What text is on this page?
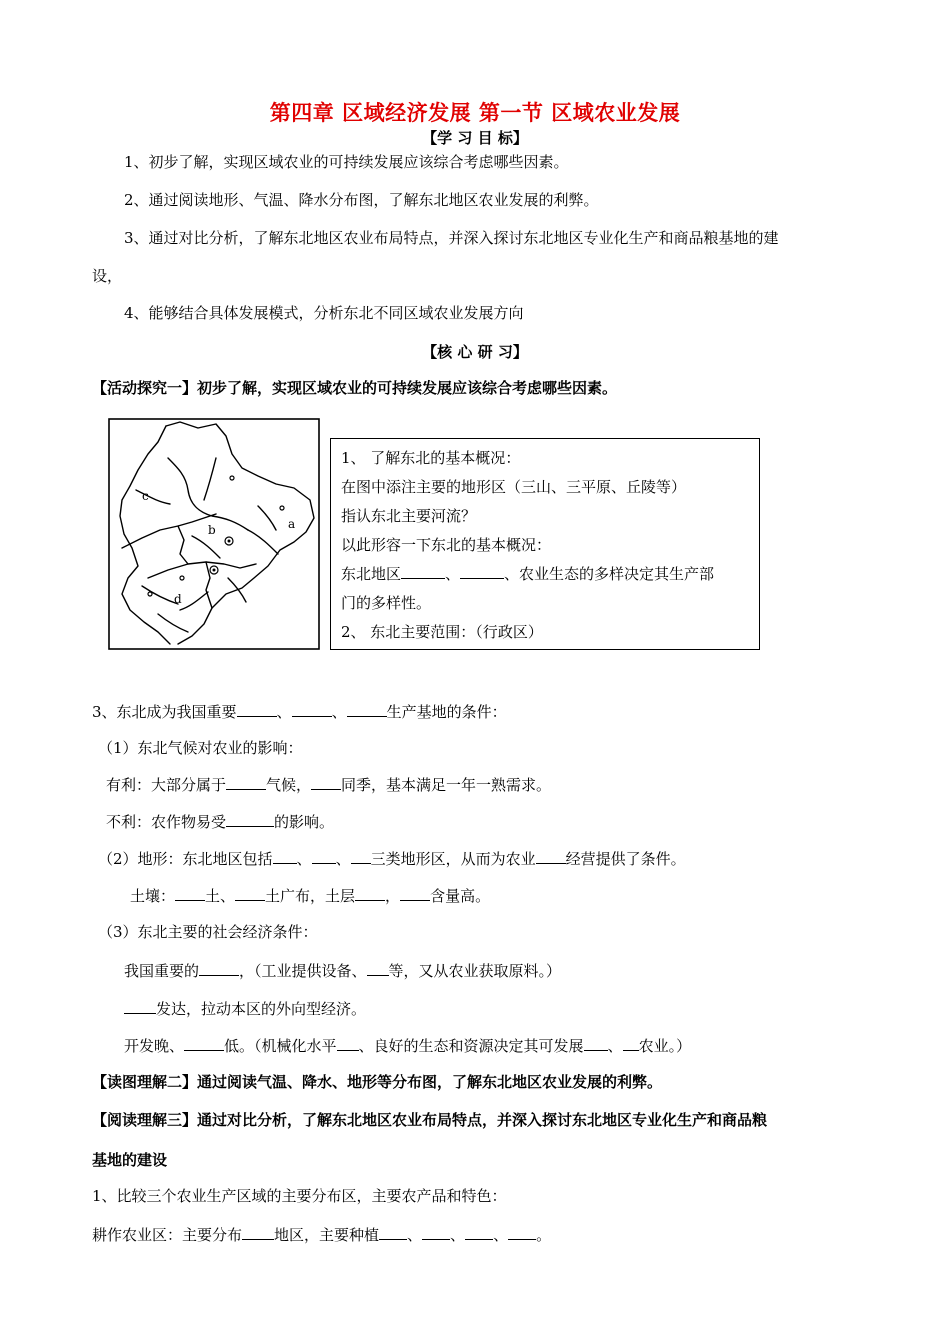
第四章 区域经济发展 第一节 区域农业发展
【学 习 目 标】
1、初步了解，实现区域农业的可持续发展应该综合考虑哪些因素。
2、通过阅读地形、气温、降水分布图，了解东北地区农业发展的利弊。
3、通过对比分析，了解东北地区农业布局特点，并深入探讨东北地区专业化生产和商品粮基地的建
设，
4、能够结合具体发展模式，分析东北不同区域农业发展方向
【核 心 研 习】
【活动探究一】初步了解，实现区域农业的可持续发展应该综合考虑哪些因素。
a
b
c
d
1、 了解东北的基本概况：
在图中添注主要的地形区（三山、三平原、丘陵等）
指认东北主要河流？
以此形容一下东北的基本概况：
东北地区	、	、农业生态的多样决定其生产部
门的多样性。
2、 东北主要范围：（行政区）
3、东北成为我国重要	、	、	生产基地的条件：
（1）东北气候对农业的影响：
有利：大部分属于	气候， 同季，基本满足一年一熟需求。
不利：农作物易受	的影响。
（2）地形：东北地区包括 、 、 三类地形区，从而为农业 经营提供了条件。
土壤： 土、 土广布，土层 ， 含量高。
（3）东北主要的社会经济条件：
我国重要的	，（工业提供设备、 等，又从农业获取原料。）
发达，拉动本区的外向型经济。
开发晚、	低。（机械化水平 、良好的生态和资源决定其可发展 、 农业。）
【读图理解二】通过阅读气温、降水、地形等分布图，了解东北地区农业发展的利弊。
【阅读理解三】通过对比分析，了解东北地区农业布局特点，并深入探讨东北地区专业化生产和商品粮
基地的建设
1、比较三个农业生产区域的主要分布区，主要农产品和特色：
耕作农业区：主要分布 地区，主要种植 、 、 、 。
